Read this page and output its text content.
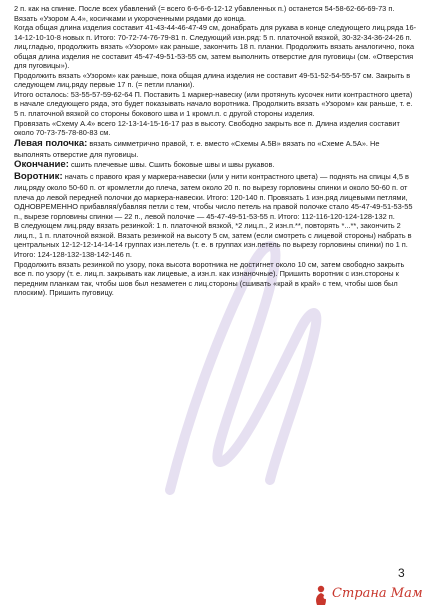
2 п. как на спинке. После всех убавлений (= всего 6-6-6-6-12-12 убавленных п.) останется 54-58-62-66-69-73 п. Вязать «Узором А.4», косичками и укороченными рядами до конца.

Когда общая длина изделия составит 41-43-44-46-47-49 см, донабрать для рукава в конце следующего лиц.ряда 16-14-12-10-10-8 новых п. Итого: 70-72-74-76-79-81 п. Следующий изн.ряд: 5 п. платочной вязкой, 30-32-34-36-24-26 п. лиц.гладью, продолжить вязать «Узором» как раньше, закончить 18 п. планки. Продолжить вязать аналогично, пока общая длина изделия не составит 45-47-49-51-53-55 см, затем выполнить отверстие для пуговицы (см. «Отверстия для пуговицы»).

Продолжить вязать «Узором» как раньше, пока общая длина изделия не составит 49-51-52-54-55-57 см. Закрыть в следующем лиц.ряду первые 17 п. (= петли планки).

Итого осталось: 53-55-57-59-62-64 П. Поставить 1 маркер-навеску (или протянуть кусочек нити контрастного цвета) в начале следующего ряда, это будет показывать начало воротника. Продолжить вязать «Узором» как раньше, т. е. 5 п. платочной вязкой со стороны бокового шва и 1 кромл.п. с другой стороны изделия.

Провязать «Схему А.4» всего 12-13-14-15-16-17 раз в высоту. Свободно закрыть все п. Длина изделия составит около 70-73-75-78-80-83 см.

Левая полочка: вязать симметрично правой, т. е. вместо «Схемы А.5В» вязать по «Схеме А.5А». Не выполнять отверстие для пуговицы.

Окончание: сшить плечевые швы. Сшить боковые швы и швы рукавов.

Воротник: начать с правого края у маркера-навески (или у нити контрастного цвета) — поднять на спицы 4,5 в лиц.ряду около 50-60 п. от кромлетли до плеча, затем около 20 п. по вырезу горловины спинки и около 50-60 п. от плеча до левой передней полочки до маркера-навески. Итого: 120-140 п. Провязать 1 изн.ряд лицевыми петлями, ОДНОВРЕМЕННО прибавляя/убавляя петли с тем, чтобы число петель на правой полочке стало 45-47-49-51-53-55 п., вырезе горловины спинки — 22 п., левой полочке — 45-47-49-51-53-55 п. Итого: 112-116-120-124-128-132 п.

В следующем лиц.ряду вязать резинкой: 1 п. платочной вязкой, *2 лиц.п., 2 изн.п.**, повторять *...**, закончить 2 лиц.п., 1 п. платочной вязкой. Вязать резинкой на высоту 5 см, затем (если смотреть с лицевой стороны) набрать в центральных 12-12-12-14-14-14 группах изн.петель (т. е. в группах изн.петель по вырезу горловины спинки) по 1 п. Итого: 124-128-132-138-142-146 п.

Продолжить вязать резинкой по узору, пока высота воротника не достигнет около 10 см, затем свободно закрыть все п. по узору (т. е. лиц.п. закрывать как лицевые, а изн.п. как изнаночные). Пришить воротник с изн.стороны к передним планкам так, чтобы шов был незаметен с лиц.стороны (сшивать «край в край» с тем, чтобы шов был плоским). Пришить пуговицу.

3
Страна Мам
